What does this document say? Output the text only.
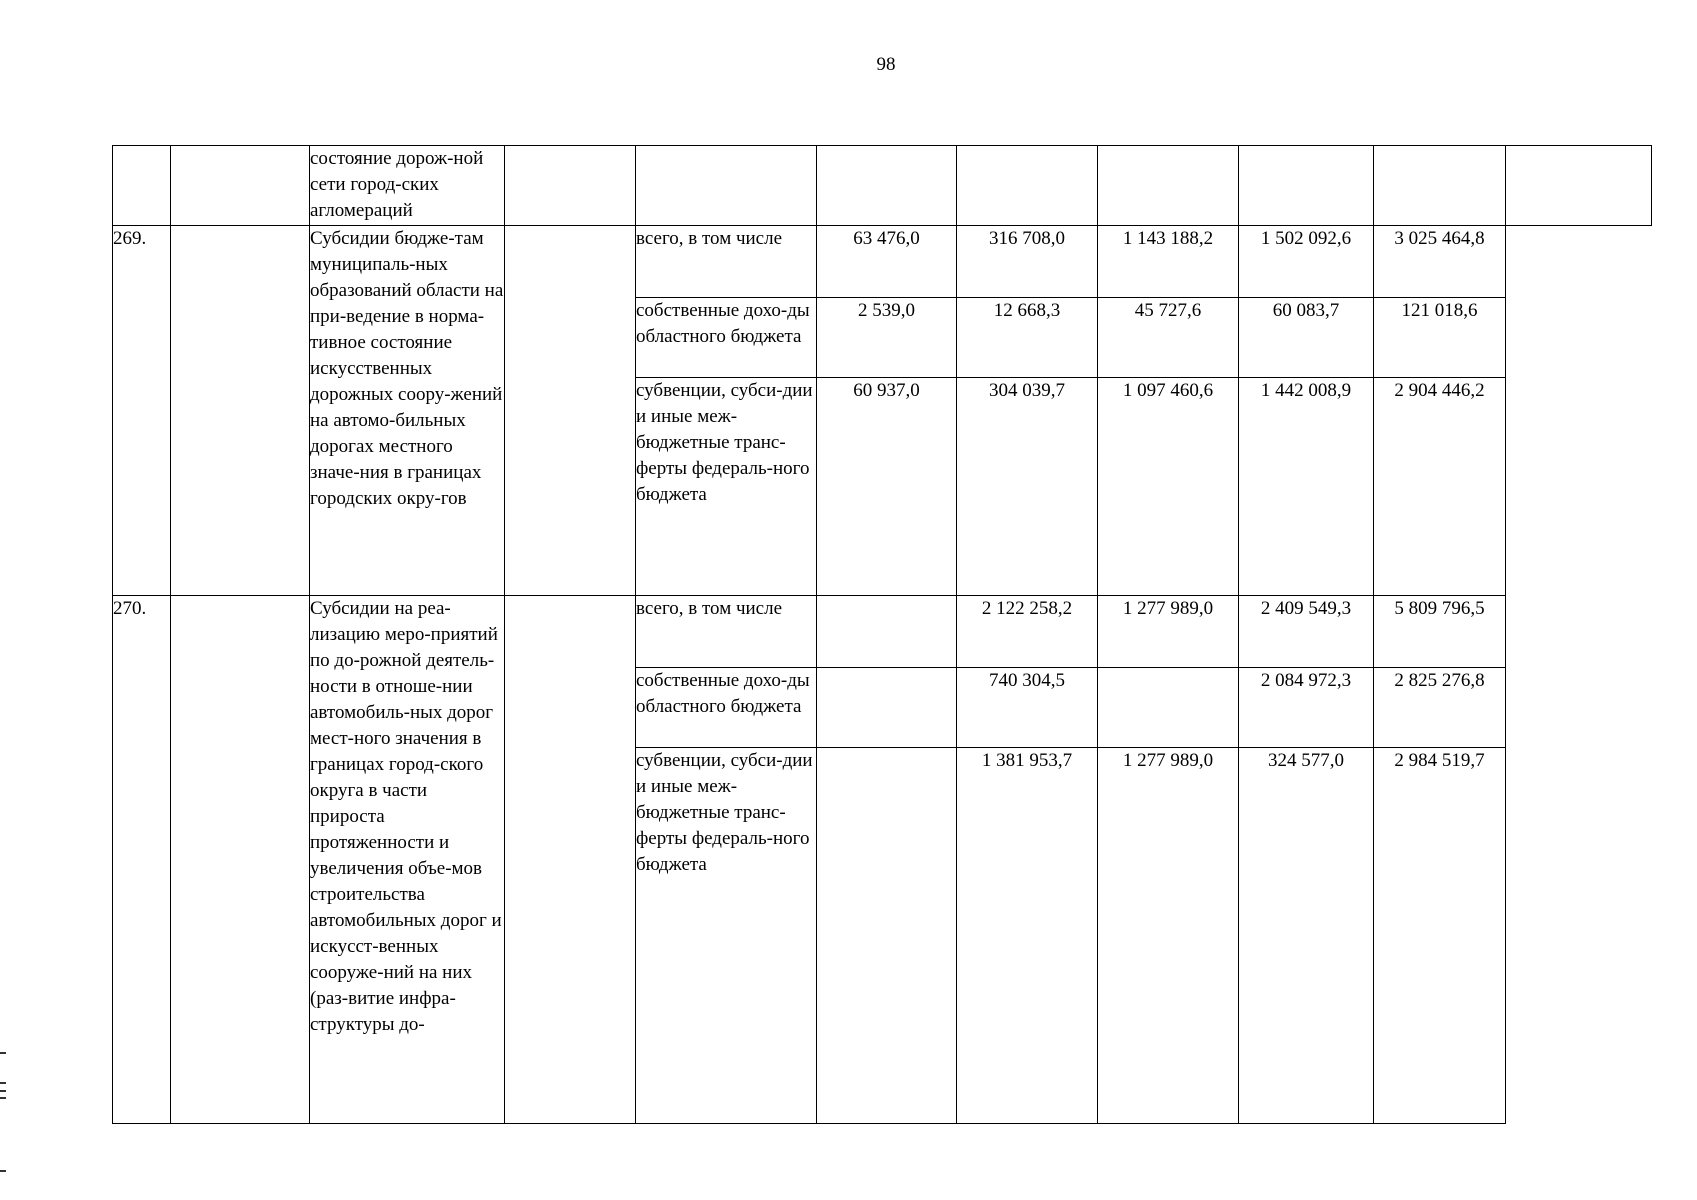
98
		состояние дорож-ной сети город-ских агломераций								
269.		Субсидии бюдже-там муниципаль-ных образований области на при-ведение в норма-тивное состояние искусственных дорожных соору-жений на автомо-бильных дорогах местного значе-ния в границах городских окру-гов		всего, в том числе	63 476,0	316 708,0	1 143 188,2	1 502 092,6	3 025 464,8	
				собственные дохо-ды областного бюджета	2 539,0	12 668,3	45 727,6	60 083,7	121 018,6	
				субвенции, субси-дии и иные меж-бюджетные транс-ферты федераль-ного бюджета	60 937,0	304 039,7	1 097 460,6	1 442 008,9	2 904 446,2	
270.		Субсидии на реа-лизацию меро-приятий по до-рожной деятель-ности в отноше-нии автомобиль-ных дорог мест-ного значения в границах город-ского округа в части прироста протяженности и увеличения объе-мов строительства автомобильных дорог и искусст-венных сооруже-ний на них (раз-витие инфра-структуры до-		всего, в том числе		2 122 258,2	1 277 989,0	2 409 549,3	5 809 796,5	
				собственные дохо-ды областного бюджета		740 304,5		2 084 972,3	2 825 276,8	
				субвенции, субси-дии и иные меж-бюджетные транс-ферты федераль-ного бюджета		1 381 953,7	1 277 989,0	324 577,0	2 984 519,7	
